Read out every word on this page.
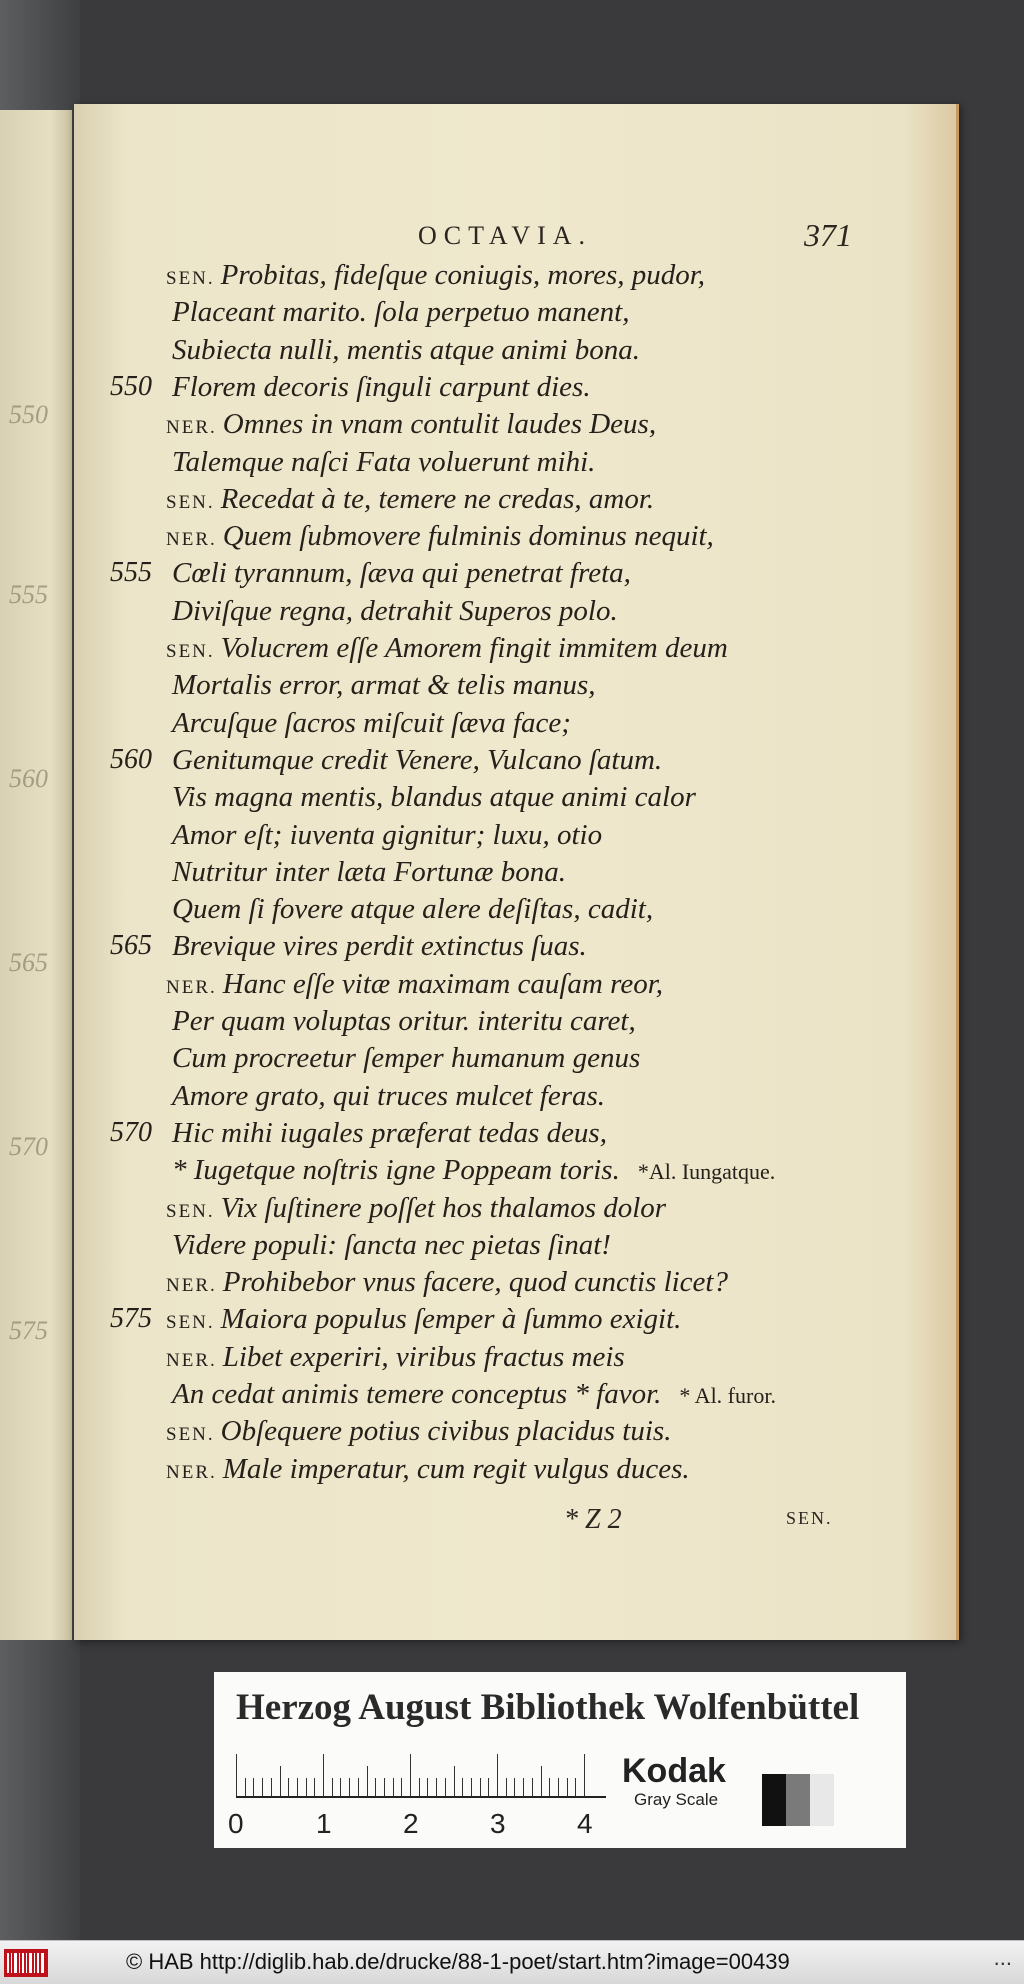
550
555
560
565
570
575
OCTAVIA.	371
SEN. Probitas, fideſque coniugis, mores, pudor,
Placeant marito. ſola perpetuo manent,
Subiecta nulli, mentis atque animi bona.
550 Florem decoris ſinguli carpunt dies.
NER. Omnes in vnam contulit laudes Deus,
Talemque naſci Fata voluerunt mihi.
SEN. Recedat à te, temere ne credas, amor.
NER. Quem ſubmovere fulminis dominus nequit,
555 Cœli tyrannum, ſæva qui penetrat freta,
Diviſque regna, detrahit Superos polo.
SEN. Volucrem eſſe Amorem fingit immitem deum
Mortalis error, armat & telis manus,
Arcuſque ſacros miſcuit ſæva face;
560 Genitumque credit Venere, Vulcano ſatum.
Vis magna mentis, blandus atque animi calor
Amor eſt; iuventa gignitur; luxu, otio
Nutritur inter læta Fortunæ bona.
Quem ſi fovere atque alere deſiſtas, cadit,
565 Brevique vires perdit extinctus ſuas.
NER. Hanc eſſe vitæ maximam cauſam reor,
Per quam voluptas oritur. interitu caret,
Cum procreetur ſemper humanum genus
Amore grato, qui truces mulcet feras.
570 Hic mihi iugales præferat tedas deus,
* Iugetque noſtris igne Poppeam toris. *Al. Iungatque.
SEN. Vix ſuſtinere poſſet hos thalamos dolor
Videre populi: ſancta nec pietas ſinat!
NER. Prohibebor vnus facere, quod cunctis licet?
575 SEN. Maiora populus ſemper à ſummo exigit.
NER. Libet experiri, viribus fractus meis
An cedat animis temere conceptus * favor. * Al. furor.
SEN. Obſequere potius civibus placidus tuis.
NER. Male imperatur, cum regit vulgus duces.
* Z 2	SEN.
Herzog August Bibliothek Wolfenbüttel
0	1	2	3	4
Kodak
Gray Scale
© HAB http://diglib.hab.de/drucke/88-1-poet/start.htm?image=00439	...
